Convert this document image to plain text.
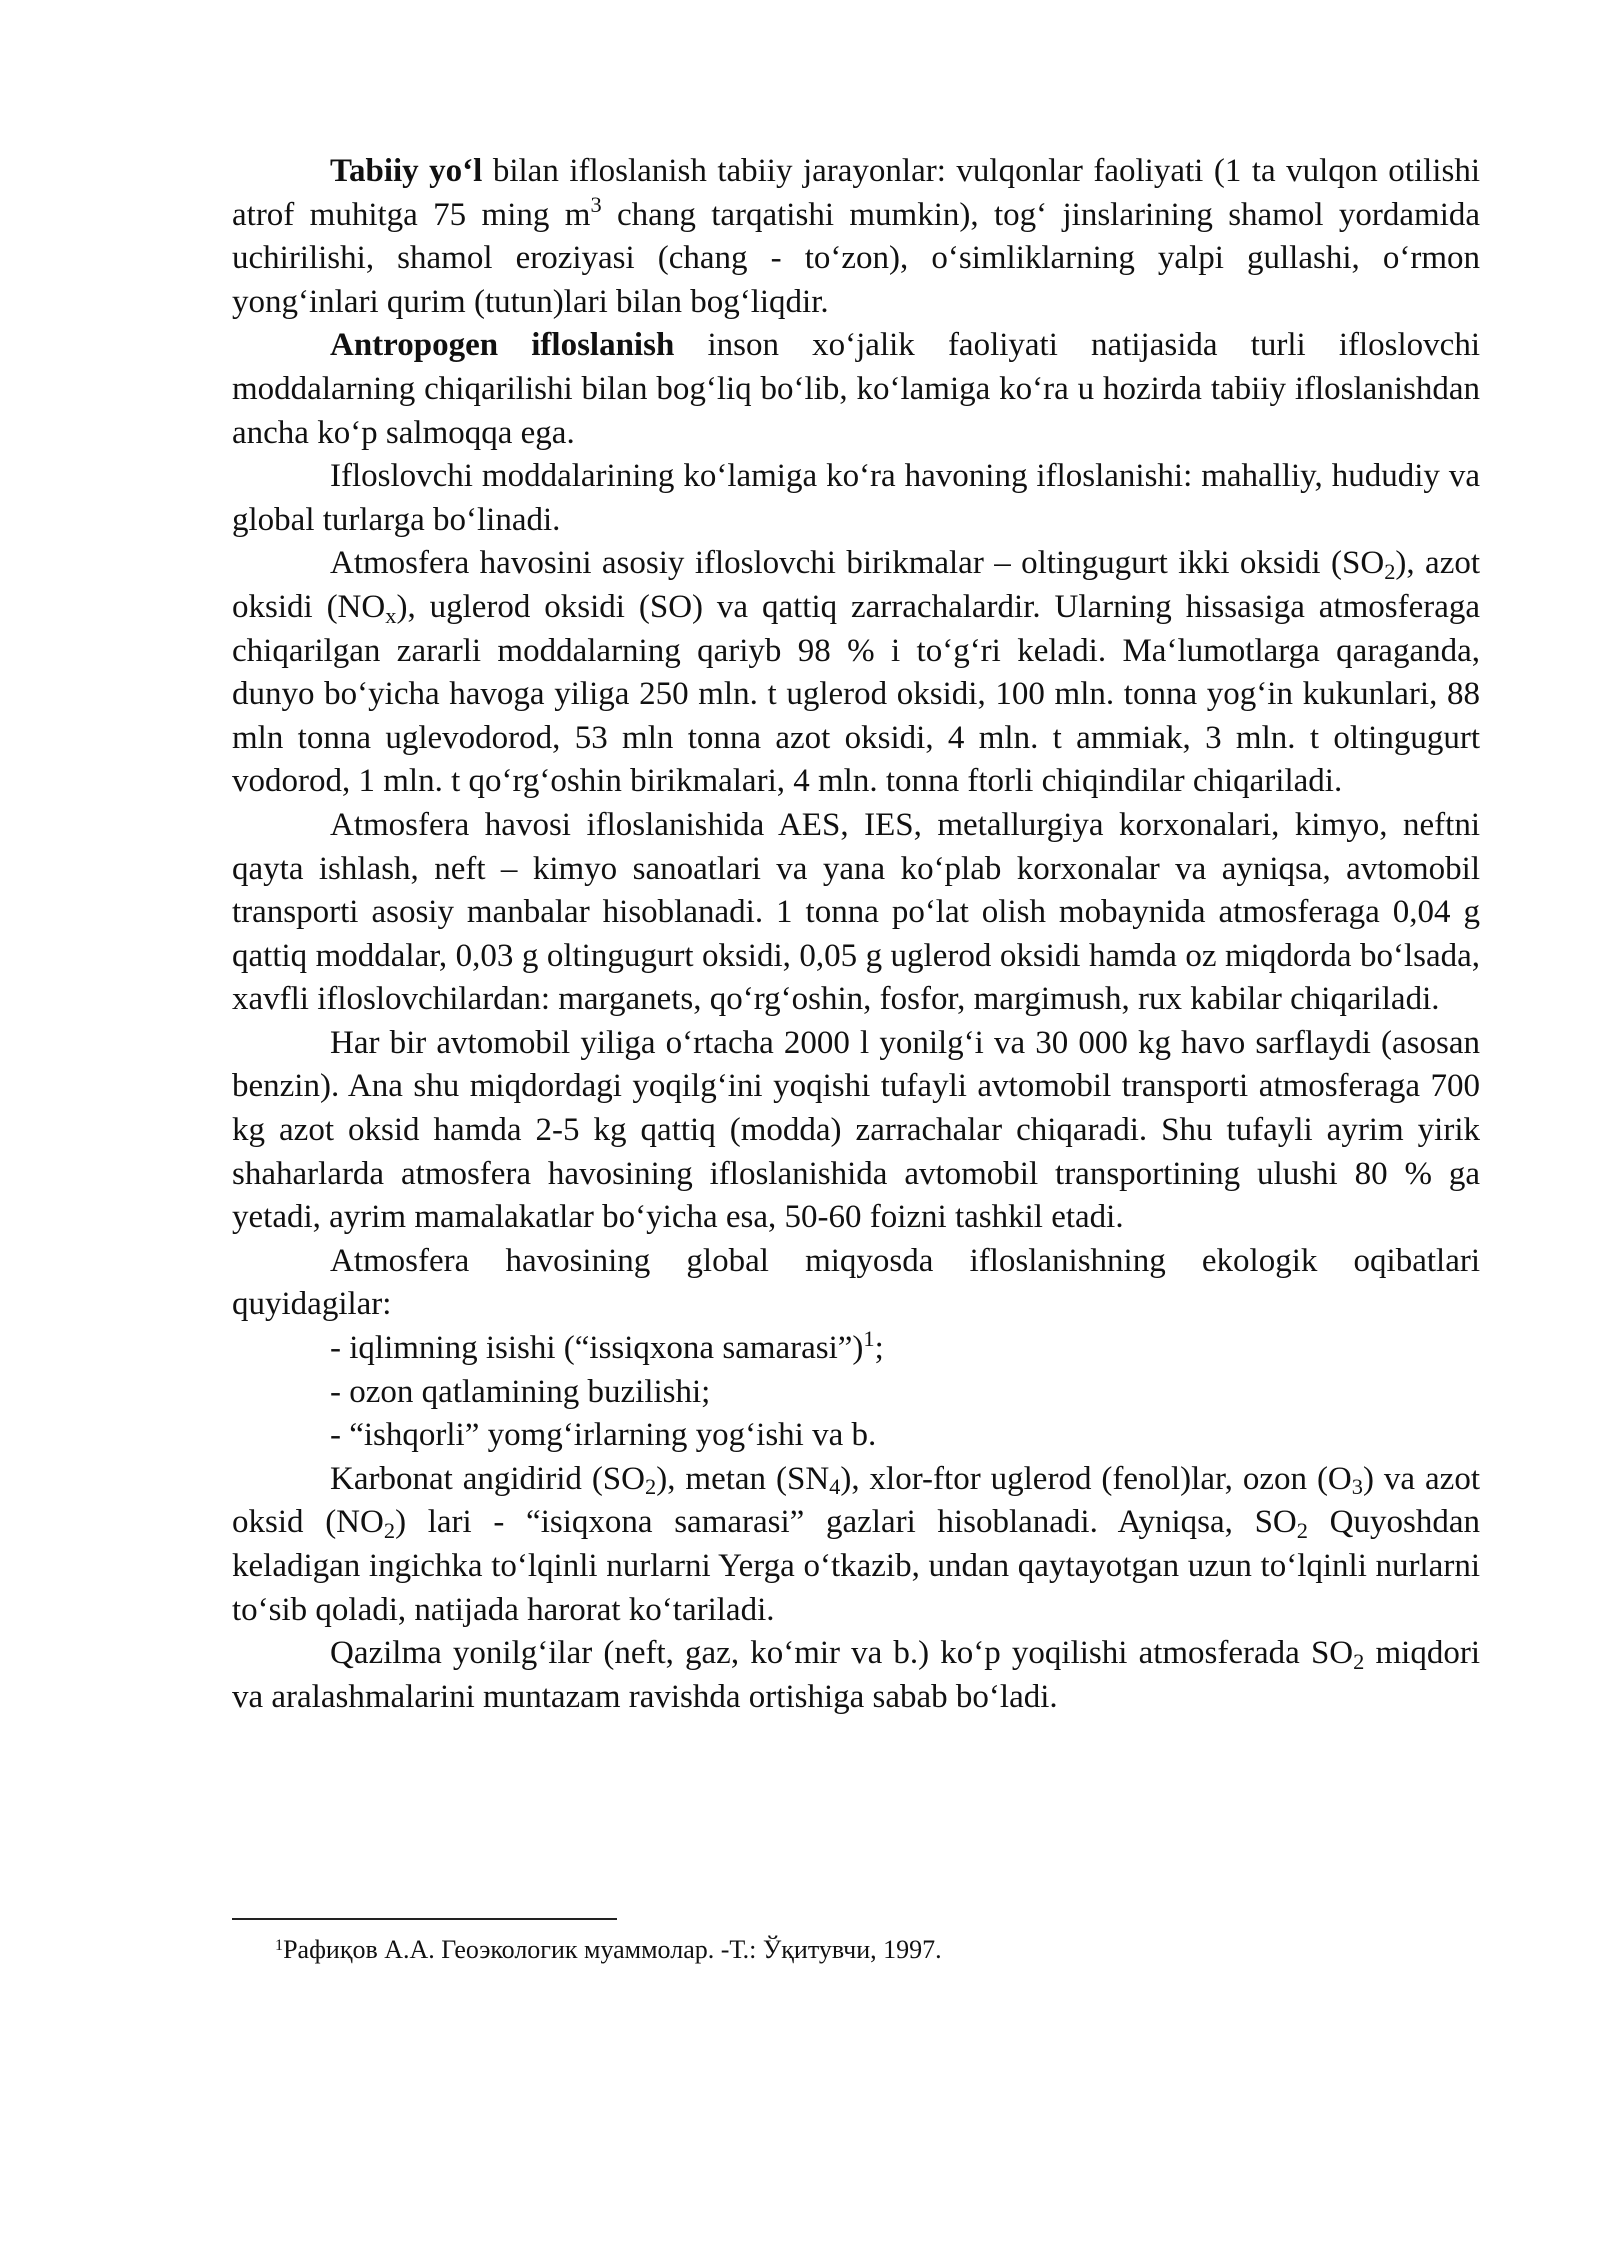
Tabiiy yo‘l bilan ifloslanish tabiiy jarayonlar: vulqonlar faoliyati (1 ta vulqon otilishi atrof muhitga 75 ming $m^3$ chang tarqatishi mumkin), tog‘ jinslarining shamol yordamida uchirilishi, shamol eroziyasi (chang - to‘zon), o‘simliklarning yalpi gullashi, o‘rmon yong‘inlari qurim (tutun)lari bilan bog‘liqdir.

Antropogen ifloslanish inson xo‘jalik faoliyati natijasida turli ifloslovchi moddalarning chiqarilishi bilan bog‘liq bo‘lib, ko‘lamiga ko‘ra u hozirda tabiiy ifloslanishdan ancha ko‘p salmoqqa ega.

Ifloslovchi moddalarining ko‘lamiga ko‘ra havoning ifloslanishi: mahalliy, hududiy va global turlarga bo‘linadi.

Atmosfera havosini asosiy ifloslovchi birikmalar – oltingugurt ikki oksidi $(SO_2)$, azot oksidi $(NO_x)$, uglerod oksidi (SO) va qattiq zarrachalardir. Ularning hissasiga atmosferaga chiqarilgan zararli moddalarning qariyb 98 % i to‘g‘ri keladi. Ma‘lumotlarga qaraganda, dunyo bo‘yicha havoga yiliga 250 mln. t uglerod oksidi, 100 mln. tonna yog‘in kukunlari, 88 mln tonna uglevodorod, 53 mln tonna azot oksidi, 4 mln. t ammiak, 3 mln. t oltingugurt vodorod, 1 mln. t qo‘rg‘oshin birikmalari, 4 mln. tonna ftorli chiqindilar chiqariladi.

Atmosfera havosi ifloslanishida AES, IES, metallurgiya korxonalari, kimyo, neftni qayta ishlash, neft – kimyo sanoatlari va yana ko‘plab korxonalar va ayniqsa, avtomobil transporti asosiy manbalar hisoblanadi. 1 tonna po‘lat olish mobaynida atmosferaga 0,04 g qattiq moddalar, 0,03 g oltingugurt oksidi, 0,05 g uglerod oksidi hamda oz miqdorda bo‘lsada, xavfli ifloslovchilardan: marganets, qo‘rg‘oshin, fosfor, margimush, rux kabilar chiqariladi.

Har bir avtomobil yiliga o‘rtacha 2000 l yonilg‘i va 30 000 kg havo sarflaydi (asosan benzin). Ana shu miqdordagi yoqilg‘ini yoqishi tufayli avtomobil transporti atmosferaga 700 kg azot oksid hamda 2-5 kg qattiq (modda) zarrachalar chiqaradi. Shu tufayli ayrim yirik shaharlarda atmosfera havosining ifloslanishida avtomobil transportining ulushi 80 % ga yetadi, ayrim mamalakatlar bo‘yicha esa, 50-60 foizni tashkil etadi.

Atmosfera havosining global miqyosda ifloslanishning ekologik oqibatlari quyidagilar:

- iqlimning isishi (“issiqxona samarasi”)$^1$;

- ozon qatlamining buzilishi;

- “ishqorli” yomg‘irlarning yog‘ishi va b.

Karbonat angidirid $(SO_2)$, metan $(SN_4)$, xlor-ftor uglerod (fenol)lar, ozon $(O_3)$ va azot oksid $(NO_2)$ lari - “isiqxona samarasi” gazlari hisoblanadi. Ayniqsa, $SO_2$ Quyoshdan keladigan ingichka to‘lqinli nurlarni Yerga o‘tkazib, undan qaytayotgan uzun to‘lqinli nurlarni to‘sib qoladi, natijada harorat ko‘tariladi.

Qazilma yonilg‘ilar (neft, gaz, ko‘mir va b.) ko‘p yoqilishi atmosferada $SO_2$ miqdori va aralashmalarini muntazam ravishda ortishiga sabab bo‘ladi.

$^1$Рафиқов А.А. Геоэкологик муаммолар. -Т.: Ўқитувчи, 1997.
